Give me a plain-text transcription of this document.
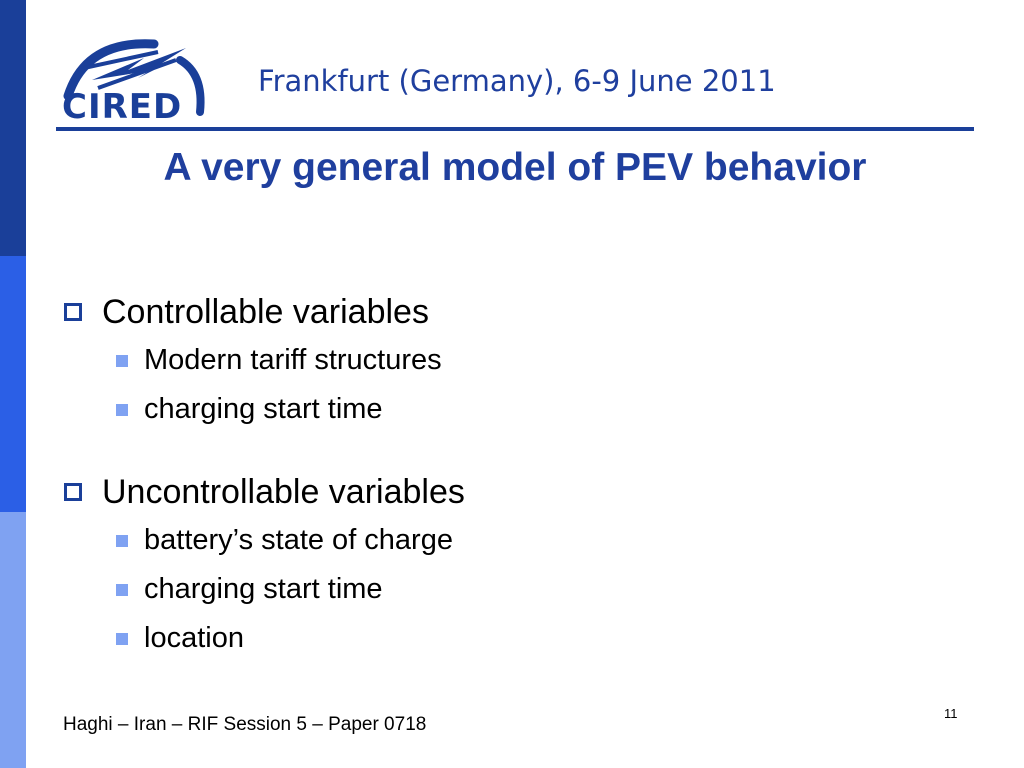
CIRED
Frankfurt (Germany), 6-9 June 2011
A very general model of PEV behavior
Controllable variables
Modern tariff structures
charging start time
Uncontrollable variables
battery’s state of charge
charging start time
location
Haghi – Iran – RIF Session 5 – Paper 0718
11
